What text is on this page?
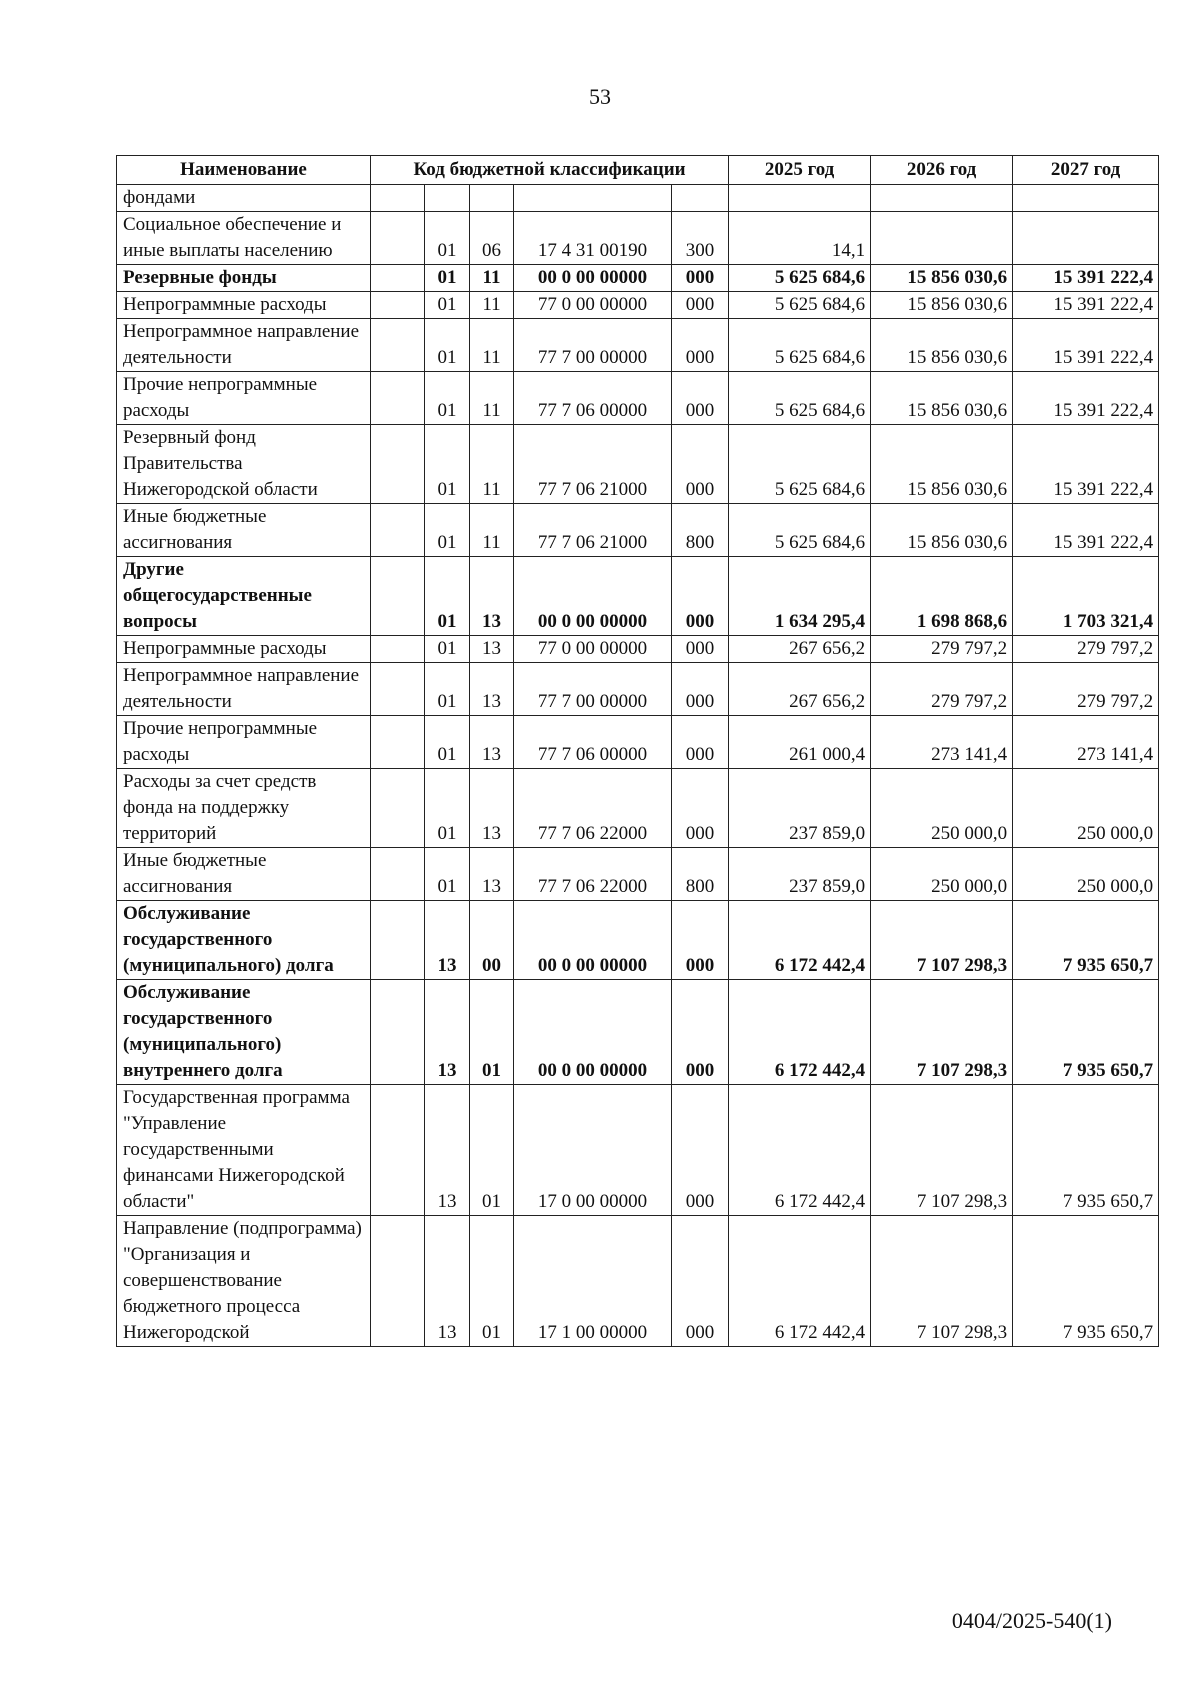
53
Наименование	Код бюджетной классификации					2025 год	2026 год	2027 год
фондами								
Социальное обеспечение и иные выплаты населению		01	06	17 4 31 00190	300	14,1		
Резервные фонды		01	11	00 0 00 00000	000	5 625 684,6	15 856 030,6	15 391 222,4
Непрограммные расходы		01	11	77 0 00 00000	000	5 625 684,6	15 856 030,6	15 391 222,4
Непрограммное направление деятельности		01	11	77 7 00 00000	000	5 625 684,6	15 856 030,6	15 391 222,4
Прочие непрограммные расходы		01	11	77 7 06 00000	000	5 625 684,6	15 856 030,6	15 391 222,4
Резервный фонд Правительства Нижегородской области		01	11	77 7 06 21000	000	5 625 684,6	15 856 030,6	15 391 222,4
Иные бюджетные ассигнования		01	11	77 7 06 21000	800	5 625 684,6	15 856 030,6	15 391 222,4
Другие общегосударственные вопросы		01	13	00 0 00 00000	000	1 634 295,4	1 698 868,6	1 703 321,4
Непрограммные расходы		01	13	77 0 00 00000	000	267 656,2	279 797,2	279 797,2
Непрограммное направление деятельности		01	13	77 7 00 00000	000	267 656,2	279 797,2	279 797,2
Прочие непрограммные расходы		01	13	77 7 06 00000	000	261 000,4	273 141,4	273 141,4
Расходы за счет средств фонда на поддержку территорий		01	13	77 7 06 22000	000	237 859,0	250 000,0	250 000,0
Иные бюджетные ассигнования		01	13	77 7 06 22000	800	237 859,0	250 000,0	250 000,0
Обслуживание государственного (муниципального) долга		13	00	00 0 00 00000	000	6 172 442,4	7 107 298,3	7 935 650,7
Обслуживание государственного (муниципального) внутреннего долга		13	01	00 0 00 00000	000	6 172 442,4	7 107 298,3	7 935 650,7
Государственная программа "Управление государственными финансами Нижегородской области"		13	01	17 0 00 00000	000	6 172 442,4	7 107 298,3	7 935 650,7
Направление (подпрограмма) "Организация и совершенствование бюджетного процесса Нижегородской		13	01	17 1 00 00000	000	6 172 442,4	7 107 298,3	7 935 650,7
0404/2025-540(1)
